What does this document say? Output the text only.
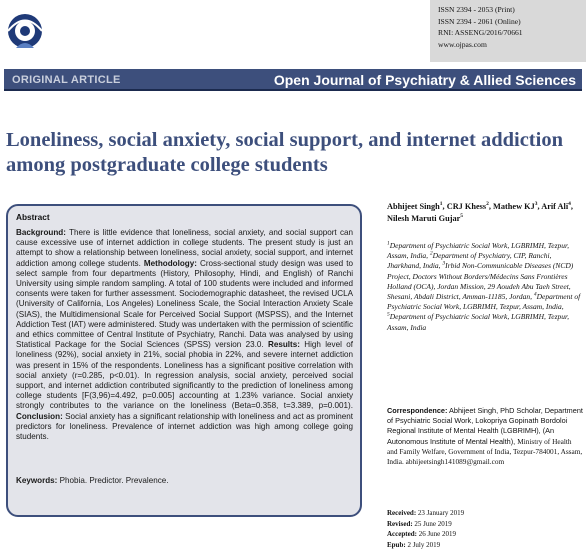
ISSN 2394 - 2053 (Print)
ISSN 2394 - 2061 (Online)
RNI: ASSENG/2016/70661
www.ojpas.com
ORIGINAL ARTICLE	Open Journal of Psychiatry & Allied Sciences
Loneliness, social anxiety, social support, and internet addiction among postgraduate college students
Abstract
Background: There is little evidence that loneliness, social anxiety, and social support can cause excessive use of internet addiction in college students. The present study is just an attempt to show a relationship between loneliness, social anxiety, social support, and internet addiction among college students. Methodology: Cross-sectional study design was used to select sample from four departments (History, Philosophy, Hindi, and English) of Ranchi University using simple random sampling. A total of 100 students were included and informed consents were taken for further assessment. Sociodemographic datasheet, the revised UCLA (University of California, Los Angeles) Loneliness Scale, the Social Interaction Anxiety Scale (SIAS), the Multidimensional Scale for Perceived Social Support (MSPSS), and the Internet Addiction Test (IAT) were administered. Study was undertaken with the permission of scientific and ethics committee of Central Institute of Psychiatry, Ranchi. Data was analysed by using Statistical Package for the Social Sciences (SPSS) version 23.0. Results: High level of loneliness (92%), social anxiety in 21%, social phobia in 22%, and severe internet addiction was present in 15% of the respondents. Loneliness has a significant positive correlation with social anxiety (r=0.285, p<0.01). In regression analysis, social anxiety, perceived social support, and internet addiction contributed significantly to the prediction of loneliness among college students [F(3,96)=4.492, p=0.005] accounting at 1.23% variance. Social anxiety strongly contributes to the variance on the loneliness (Beta=0.358, t=3.389, p=0.001). Conclusion: Social anxiety has a significant relationship with loneliness and act as prominent predictors for loneliness. Prevalence of internet addiction was high among college going students.
Keywords: Phobia. Predictor. Prevalence.
Abhijeet Singh$^1$, CRJ Khess$^2$, Mathew $KJ^3$, Arif Ali$^4$, Nilesh Maruti Gujar$^5$
$^1$Department of Psychiatric Social Work, LGBRIMH, Tezpur, Assam, India, $^2$Department of Psychiatry, CIP, Ranchi, Jharkhand, India, $^3$Irbid Non-Communicable Diseases (NCD) Project, Doctors Without Borders/Médecins Sans Frontières Holland (OCA), Jordan Mission, 29 Aoudeh Abu Taeh Street, Shesani, Abdali District, Amman-11185, Jordan, $^4$Department of Psychiatric Social Work, LGBRIMH, Tezpur, Assam, India, $^5$Department of Psychiatric Social Work, LGBRIMH, Tezpur, Assam, India
Correspondence: Abhijeet Singh, PhD Scholar, Department of Psychiatric Social Work, Lokopriya Gopinath Bordoloi Regional Institute of Mental Health (LGBRIMH), (An Autonomous Institute of Mental Health), Ministry of Health and Family Welfare, Government of India, Tezpur-784001, Assam, India. abhijeetsingh141089@gmail.com
Received: 23 January 2019
Revised: 25 June 2019
Accepted: 26 June 2019
Epub: 2 July 2019
